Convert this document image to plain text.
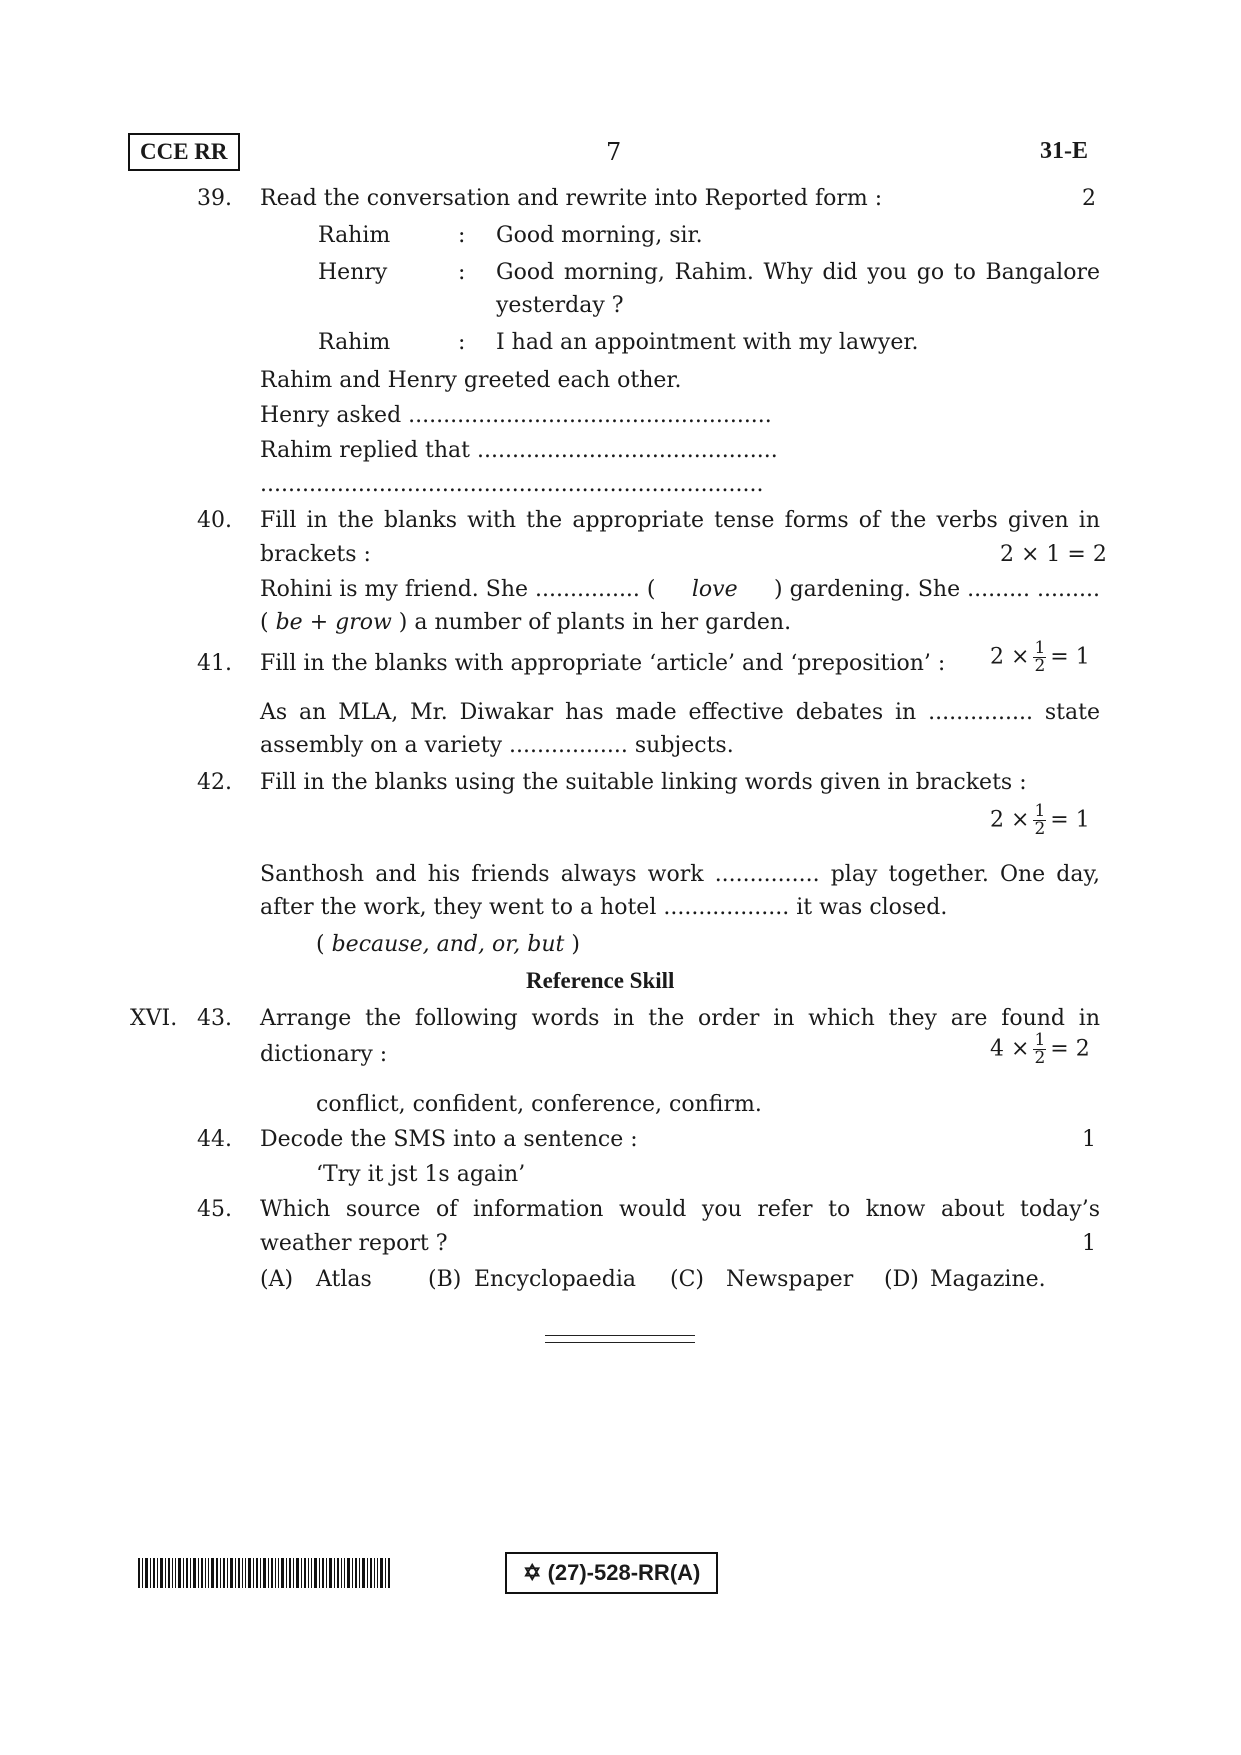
CCE RR	7	31-E
39. Read the conversation and rewrite into Reported form :	2
Rahim	: Good morning, sir.
Henry	: Good morning, Rahim. Why did you go to Bangalore
yesterday ?
Rahim	: I had an appointment with my lawyer.
Rahim and Henry greeted each other.
Henry asked ....................................................
Rahim replied that ...........................................
........................................................................
40. Fill in the blanks with the appropriate tense forms of the verbs given in
brackets :	2 × 1 = 2
Rohini is my friend. She ............... ( love ) gardening. She ......... .........
( be + grow ) a number of plants in her garden.
41. Fill in the blanks with appropriate ‘article’ and ‘preposition’ : $2 \times \frac{1}{2} = 1$
As an MLA, Mr. Diwakar has made effective debates in ............... state
assembly on a variety ................. subjects.
42. Fill in the blanks using the suitable linking words given in brackets :
$2 \times \frac{1}{2} = 1$
Santhosh and his friends always work ............... play together. One day,
after the work, they went to a hotel .................. it was closed.
( because, and, or, but )
Reference Skill
XVI. 43. Arrange the following words in the order in which they are found in
dictionary :	$4 \times \frac{1}{2} = 2$
conflict, confident, conference, confirm.
44. Decode the SMS into a sentence :	1
‘Try it jst 1s again’
45. Which source of information would you refer to know about today’s
weather report ?	1
(A) Atlas	(B) Encyclopaedia (C) Newspaper (D) Magazine.
✡ (27)-528-RR(A)
